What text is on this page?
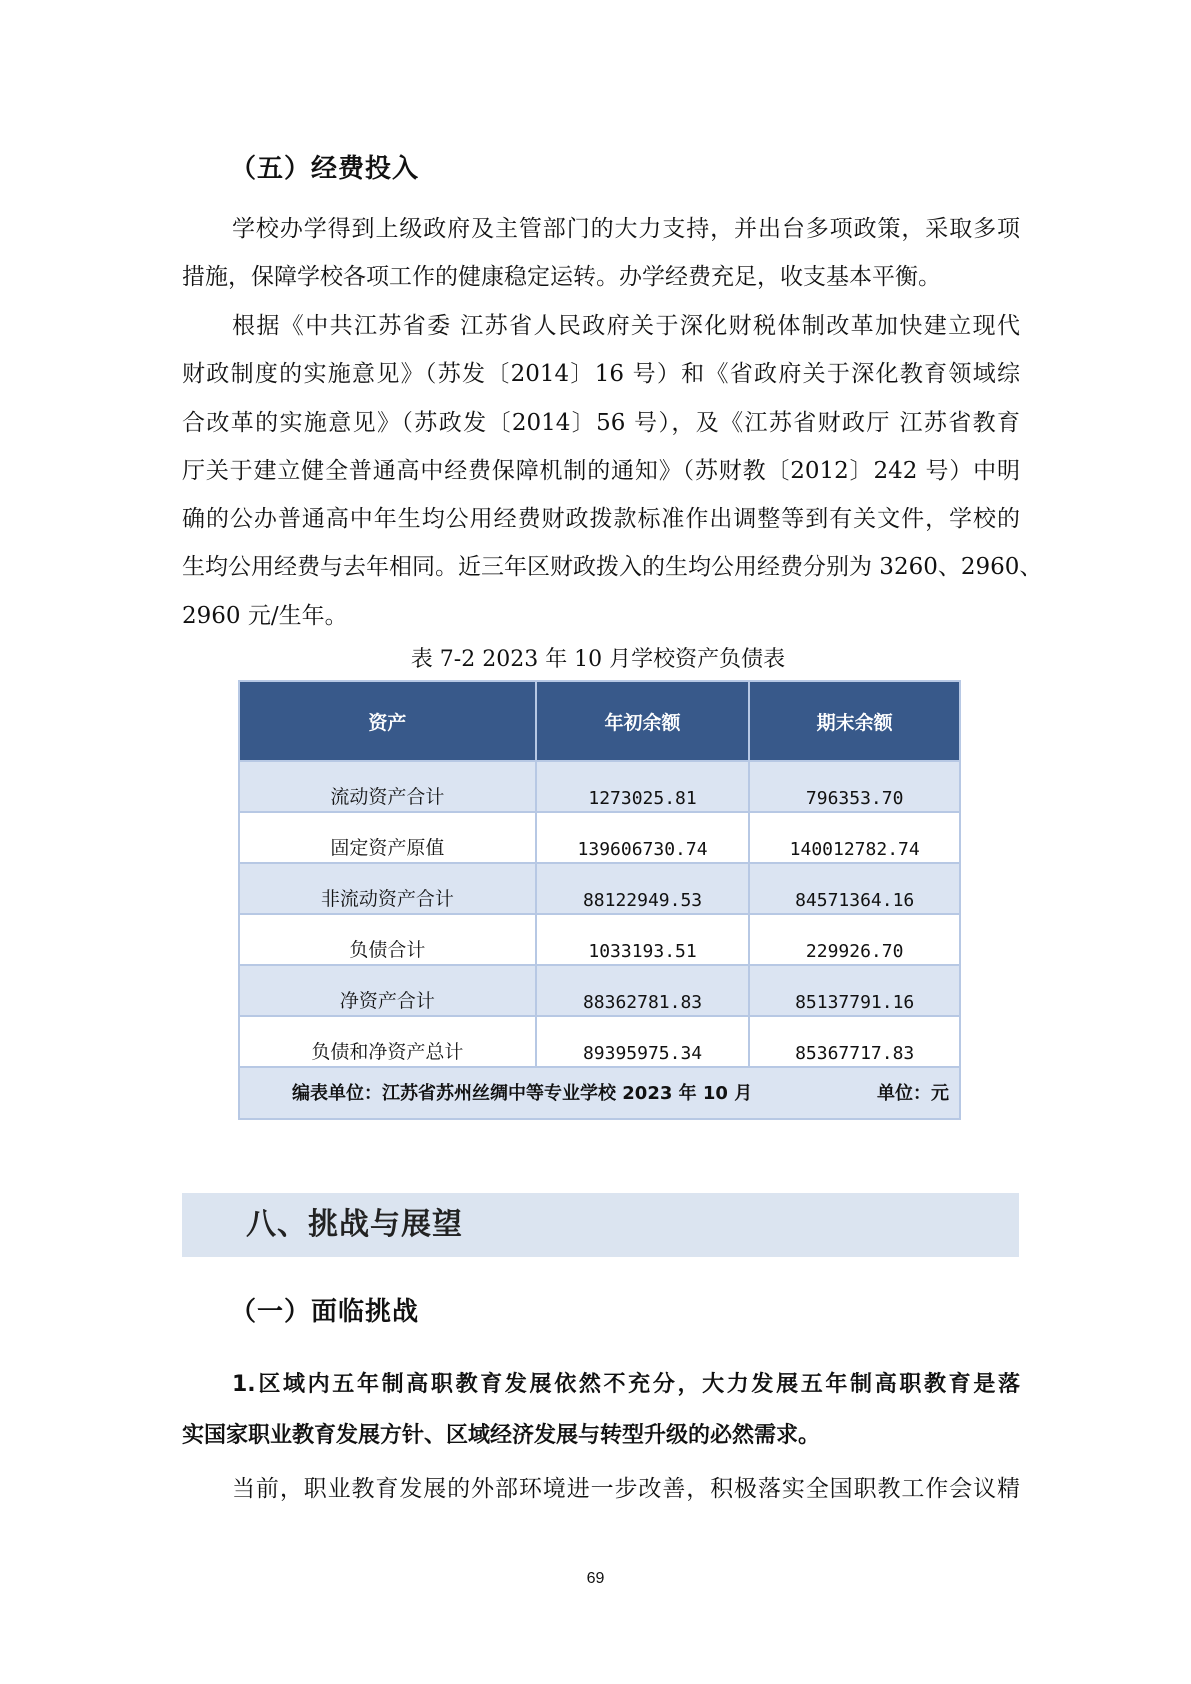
（五）经费投入
学校办学得到上级政府及主管部门的大力支持，并出台多项政策，采取多项
措施，保障学校各项工作的健康稳定运转。办学经费充足，收支基本平衡。
根据《中共江苏省委 江苏省人民政府关于深化财税体制改革加快建立现代
财政制度的实施意见》（苏发〔2014〕16 号）和《省政府关于深化教育领域综
合改革的实施意见》（苏政发〔2014〕56 号），及《江苏省财政厅 江苏省教育
厅关于建立健全普通高中经费保障机制的通知》（苏财教〔2012〕242 号）中明
确的公办普通高中年生均公用经费财政拨款标准作出调整等到有关文件，学校的
生均公用经费与去年相同。近三年区财政拨入的生均公用经费分别为 3260、2960、
2960 元/生年。

表 7-2 2023 年 10 月学校资产负债表

资产	年初余额	期末余额
流动资产合计	1273025.81	796353.70
固定资产原值	139606730.74	140012782.74
非流动资产合计	88122949.53	84571364.16
负债合计	1033193.51	229926.70
净资产合计	88362781.83	85137791.16
负债和净资产总计	89395975.34	85367717.83

编表单位：江苏省苏州丝绸中等专业学校 2023 年 10 月 单位：元		
八、挑战与展望
（一）面临挑战
1.区域内五年制高职教育发展依然不充分，大力发展五年制高职教育是落
实国家职业教育发展方针、区域经济发展与转型升级的必然需求。
当前，职业教育发展的外部环境进一步改善，积极落实全国职教工作会议精
69
